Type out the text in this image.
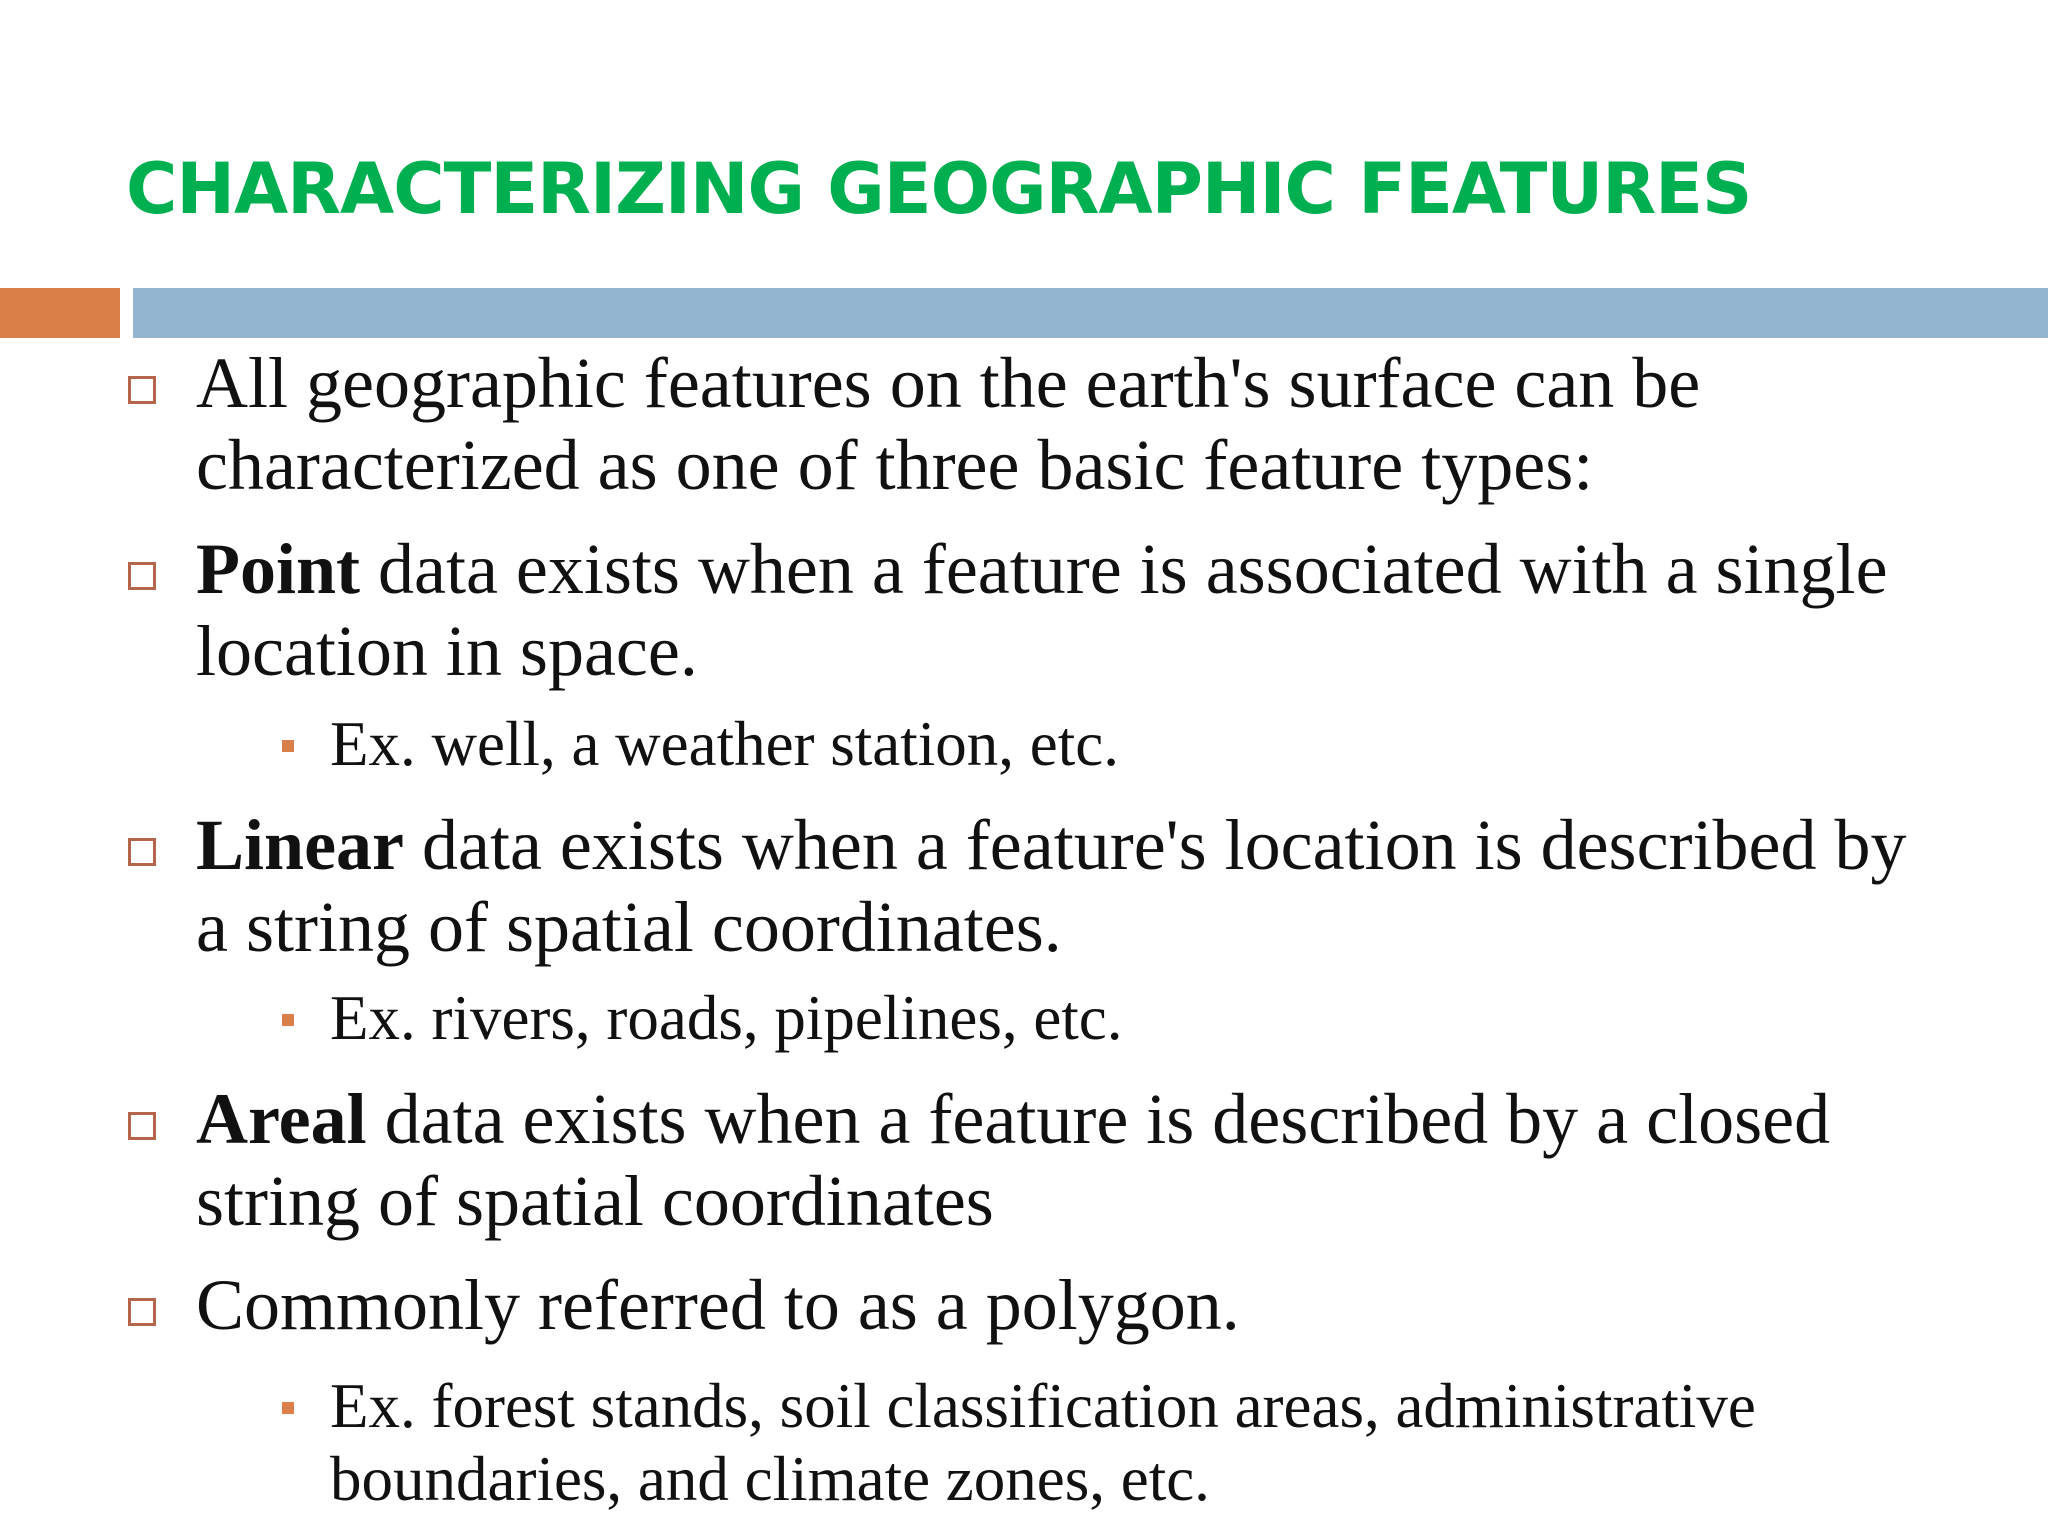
CHARACTERIZING GEOGRAPHIC FEATURES
All geographic features on the earth's surface can be characterized as one of three basic feature types:
Point data exists when a feature is associated with a single location in space.
Ex. well, a weather station, etc.
Linear data exists when a feature's location is described by a string of spatial coordinates.
Ex. rivers, roads, pipelines, etc.
Areal data exists when a feature is described by a closed string of spatial coordinates
Commonly referred to as a polygon.
Ex. forest stands, soil classification areas, administrative boundaries, and climate zones, etc.
